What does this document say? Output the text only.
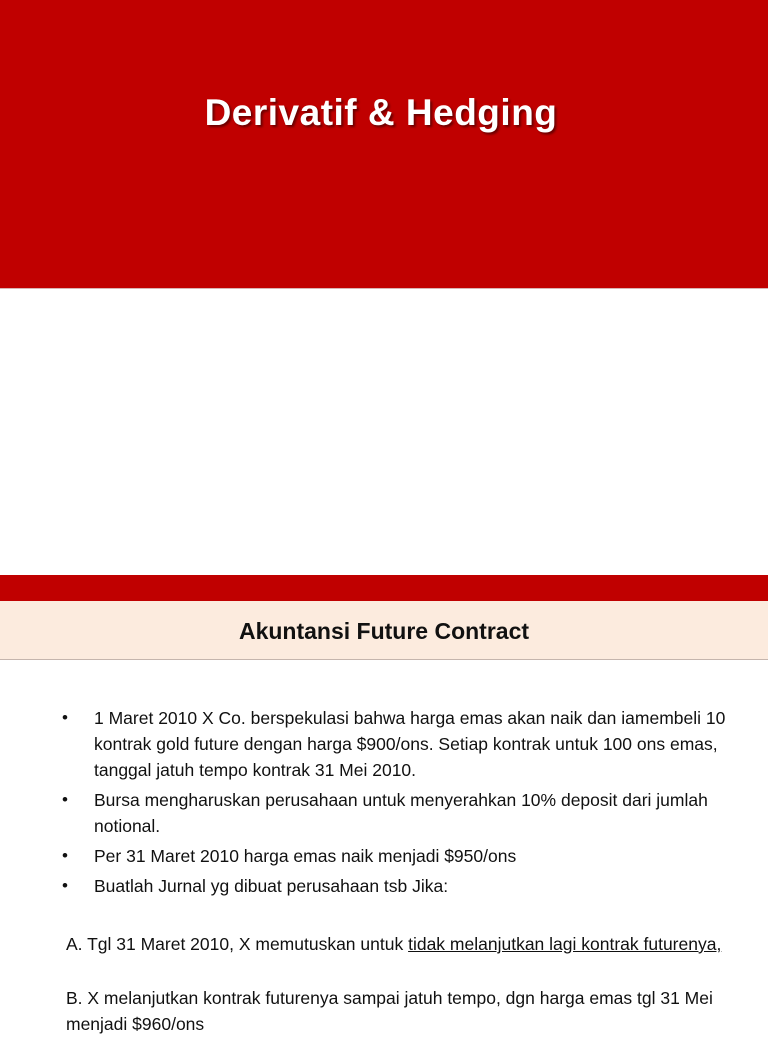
Derivatif & Hedging
Akuntansi Future Contract
• 1 Maret 2010 X Co. berspekulasi bahwa harga emas akan naik dan iamembeli 10 kontrak gold future dengan harga $900/ons. Setiap kontrak untuk 100 ons emas, tanggal jatuh tempo kontrak 31 Mei 2010.
• Bursa mengharuskan perusahaan untuk menyerahkan 10% deposit dari jumlah notional.
• Per 31 Maret 2010 harga emas naik menjadi $950/ons
• Buatlah Jurnal yg dibuat perusahaan tsb Jika:
A. Tgl 31 Maret 2010, X memutuskan untuk tidak melanjutkan lagi kontrak futurenya,
B. X melanjutkan kontrak futurenya sampai jatuh tempo, dgn harga emas tgl 31 Mei menjadi $960/ons
